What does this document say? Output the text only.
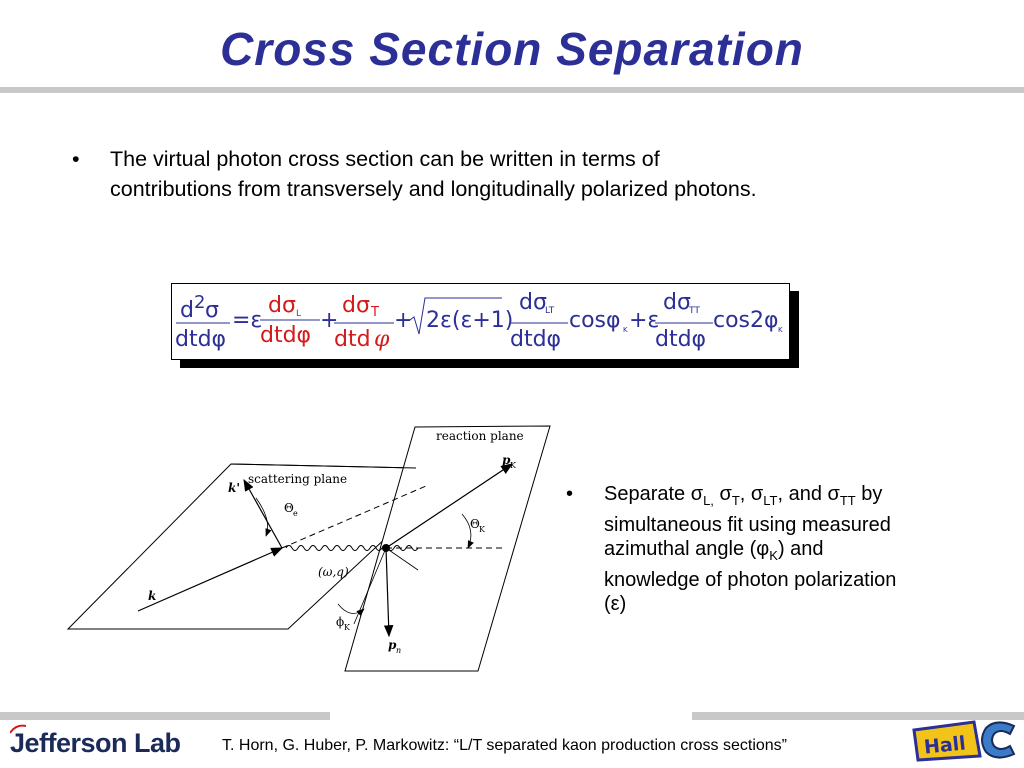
Cross Section Separation
•	The virtual photon cross section can be written in terms of
contributions from transversely and longitudinally polarized photons.
d 2 σ
dtdφ
=ε
dσ L
dtdφ
+
dσ T
dtd φ
+ 2ε(ε+1)
dσ
LT
dtdφ
cosφ K +ε
dσ
TT
dtdφ
cos2φ K
reaction plane
scattering plane
k'
k
Θ e
Θ K
(ω,q)
p K
p n
ϕ K
•	Separate $\sigma_{L,}$ $\sigma_T$, $\sigma_{LT}$, and $\sigma_{TT}$ by
simultaneous fit using measured
azimuthal angle $(\varphi_K)$ and
knowledge of photon polarization
(ε)
Jefferson Lab	T. Horn, G. Huber, P. Markowitz: “L/T separated kaon production cross sections”	Hall
